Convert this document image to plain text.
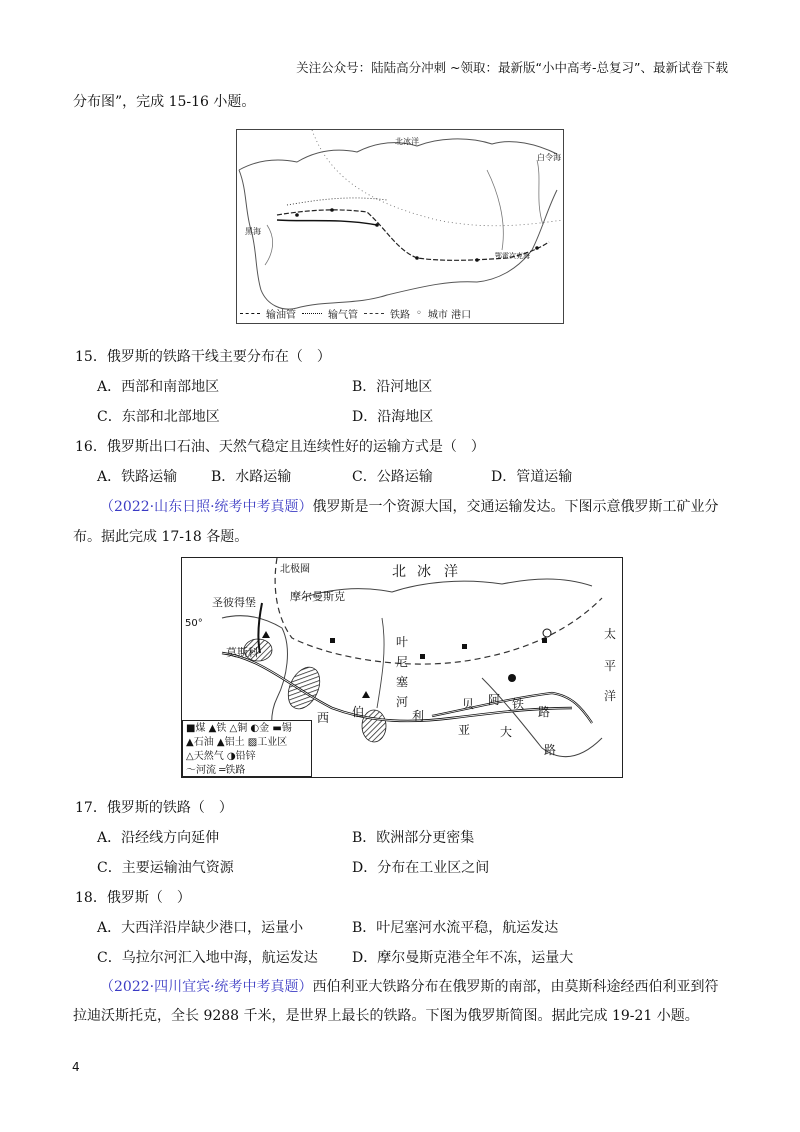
关注公众号：陆陆高分冲刺 ~领取：最新版“小中高考-总复习”、最新试卷下载
分布图”，完成 15-16 小题。
北冰洋
白令海
鄂霍次克海
黑海
输油管	输气管	铁路 ◦ 城市 港口
15．俄罗斯的铁路干线主要分布在（　）
A．西部和南部地区	B．沿河地区
C．东部和北部地区	D．沿海地区
16．俄罗斯出口石油、天然气稳定且连续性好的运输方式是（　）
A．铁路运输 B．水路运输	C．公路运输	D．管道运输
（2022·山东日照·统考中考真题）俄罗斯是一个资源大国，交通运输发达。下图示意俄罗斯工矿业分
布。据此完成 17-18 各题。
北极圈	北 冰 洋
圣彼得堡	摩尔曼斯克
50°
莫斯科
叶
尼
塞
河
西 伯	利
亚
贝 阿 铁
路
太
平
洋
大
路
■煤 ▲铁 △铜 ◐金 ▬锡
▲石油 ▲铝土 ▨工业区
△天然气 ◑铅锌
～河流 ═铁路
17．俄罗斯的铁路（　）
A．沿经线方向延伸	B．欧洲部分更密集
C．主要运输油气资源	D．分布在工业区之间
18．俄罗斯（　）
A．大西洋沿岸缺少港口，运量小	B．叶尼塞河水流平稳，航运发达
C．乌拉尔河汇入地中海，航运发达 D．摩尔曼斯克港全年不冻，运量大
（2022·四川宜宾·统考中考真题）西伯利亚大铁路分布在俄罗斯的南部，由莫斯科途经西伯利亚到符
拉迪沃斯托克，全长 9288 千米，是世界上最长的铁路。下图为俄罗斯简图。据此完成 19-21 小题。
4
